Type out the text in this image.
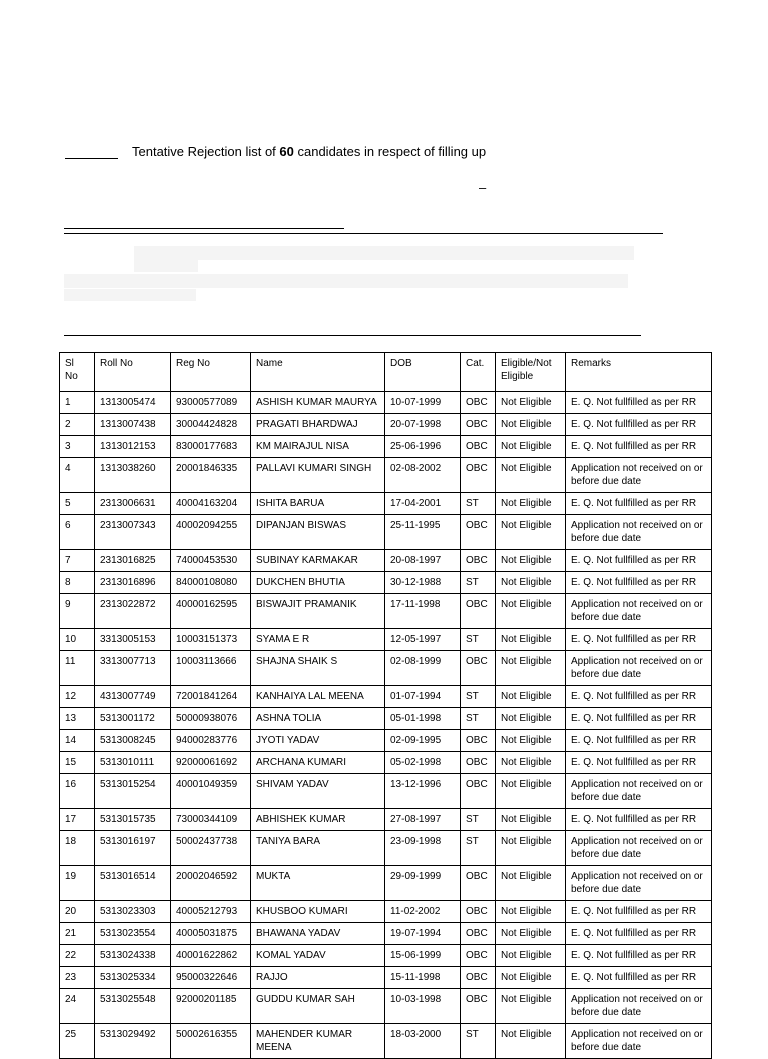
Tentative Rejection list of 60 candidates in respect of filling up
–
Sl No	Roll No	Reg No	Name	DOB	Cat.	Eligible/Not Eligible	Remarks
1	1313005474	93000577089	ASHISH KUMAR MAURYA	10-07-1999	OBC	Not Eligible	E. Q. Not fullfilled as per RR
2	1313007438	30004424828	PRAGATI BHARDWAJ	20-07-1998	OBC	Not Eligible	E. Q. Not fullfilled as per RR
3	1313012153	83000177683	KM MAIRAJUL NISA	25-06-1996	OBC	Not Eligible	E. Q. Not fullfilled as per RR
4	1313038260	20001846335	PALLAVI KUMARI SINGH	02-08-2002	OBC	Not Eligible	Application not received on or before due date
5	2313006631	40004163204	ISHITA BARUA	17-04-2001	ST	Not Eligible	E. Q. Not fullfilled as per RR
6	2313007343	40002094255	DIPANJAN BISWAS	25-11-1995	OBC	Not Eligible	Application not received on or before due date
7	2313016825	74000453530	SUBINAY KARMAKAR	20-08-1997	OBC	Not Eligible	E. Q. Not fullfilled as per RR
8	2313016896	84000108080	DUKCHEN BHUTIA	30-12-1988	ST	Not Eligible	E. Q. Not fullfilled as per RR
9	2313022872	40000162595	BISWAJIT PRAMANIK	17-11-1998	OBC	Not Eligible	Application not received on or before due date
10	3313005153	10003151373	SYAMA E R	12-05-1997	ST	Not Eligible	E. Q. Not fullfilled as per RR
11	3313007713	10003113666	SHAJNA SHAIK S	02-08-1999	OBC	Not Eligible	Application not received on or before due date
12	4313007749	72001841264	KANHAIYA LAL MEENA	01-07-1994	ST	Not Eligible	E. Q. Not fullfilled as per RR
13	5313001172	50000938076	ASHNA TOLIA	05-01-1998	ST	Not Eligible	E. Q. Not fullfilled as per RR
14	5313008245	94000283776	JYOTI YADAV	02-09-1995	OBC	Not Eligible	E. Q. Not fullfilled as per RR
15	5313010111	92000061692	ARCHANA KUMARI	05-02-1998	OBC	Not Eligible	E. Q. Not fullfilled as per RR
16	5313015254	40001049359	SHIVAM YADAV	13-12-1996	OBC	Not Eligible	Application not received on or before due date
17	5313015735	73000344109	ABHISHEK KUMAR	27-08-1997	ST	Not Eligible	E. Q. Not fullfilled as per RR
18	5313016197	50002437738	TANIYA BARA	23-09-1998	ST	Not Eligible	Application not received on or before due date
19	5313016514	20002046592	MUKTA	29-09-1999	OBC	Not Eligible	Application not received on or before due date
20	5313023303	40005212793	KHUSBOO KUMARI	11-02-2002	OBC	Not Eligible	E. Q. Not fullfilled as per RR
21	5313023554	40005031875	BHAWANA YADAV	19-07-1994	OBC	Not Eligible	E. Q. Not fullfilled as per RR
22	5313024338	40001622862	KOMAL YADAV	15-06-1999	OBC	Not Eligible	E. Q. Not fullfilled as per RR
23	5313025334	95000322646	RAJJO	15-11-1998	OBC	Not Eligible	E. Q. Not fullfilled as per RR
24	5313025548	92000201185	GUDDU KUMAR SAH	10-03-1998	OBC	Not Eligible	Application not received on or before due date
25	5313029492	50002616355	MAHENDER KUMAR MEENA	18-03-2000	ST	Not Eligible	Application not received on or before due date
